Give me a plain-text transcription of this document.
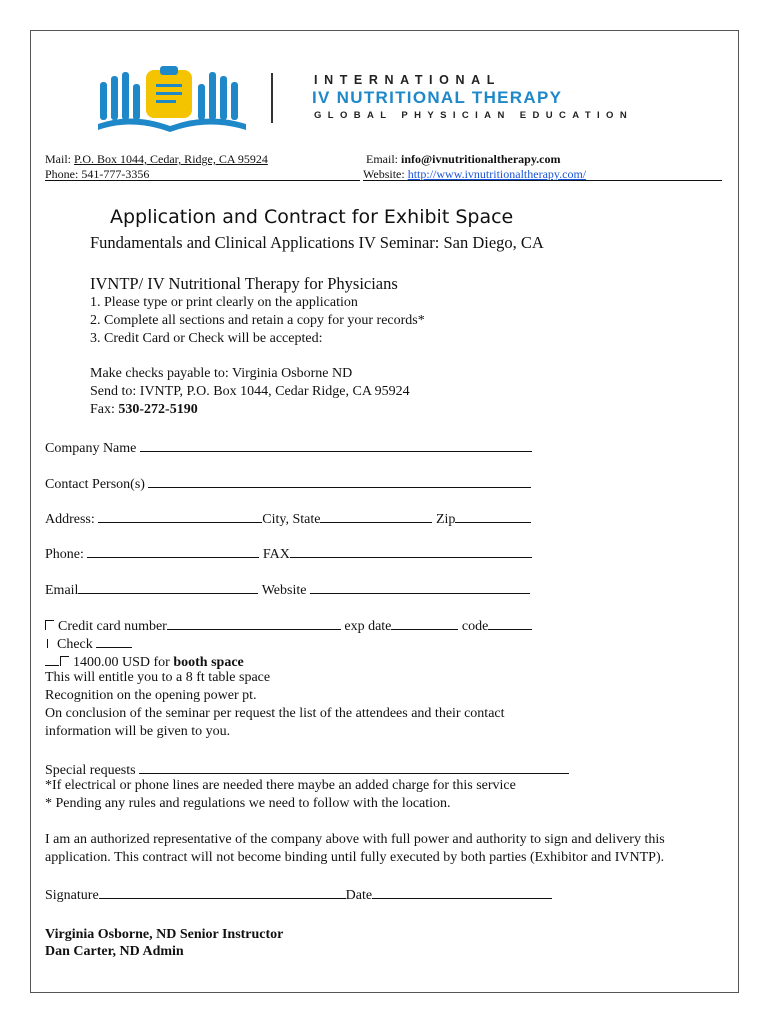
INTERNATIONAL
IV NUTRITIONAL THERAPY
GLOBAL PHYSICIAN EDUCATION
Mail: P.O. Box 1044, Cedar, Ridge, CA 95924
Phone: 541-777-3356
Email: info@ivnutritionaltherapy.com
Website: http://www.ivnutritionaltherapy.com/
Application and Contract for Exhibit Space
Fundamentals and Clinical Applications IV Seminar: San Diego, CA
IVNTP/ IV Nutritional Therapy for Physicians
1. Please type or print clearly on the application
2. Complete all sections and retain a copy for your records*
3. Credit Card or Check will be accepted:
Make checks payable to: Virginia Osborne ND
Send to: IVNTP, P.O. Box 1044, Cedar Ridge, CA 95924
Fax: 530-272-5190
Company Name
Contact Person(s)
Address:	City, State	Zip
Phone:	FAX
Email	Website
Credit card number	exp date	code
Check
1400.00 USD for booth space
This will entitle you to a 8 ft table space
Recognition on the opening power pt.
On conclusion of the seminar per request the list of the attendees and their contact
information will be given to you.
Special requests
*If electrical or phone lines are needed there maybe an added charge for this service
* Pending any rules and regulations we need to follow with the location.
I am an authorized representative of the company above with full power and authority to sign and delivery this
application. This contract will not become binding until fully executed by both parties (Exhibitor and IVNTP).
Signature	Date
Virginia Osborne, ND Senior Instructor
Dan Carter, ND Admin
